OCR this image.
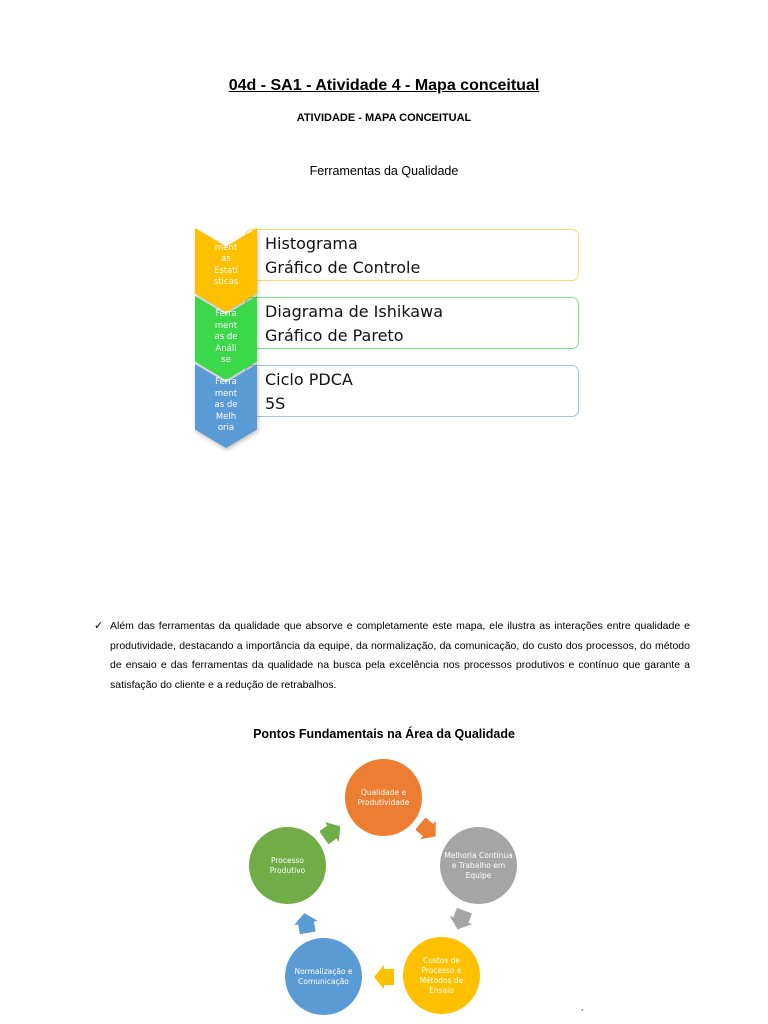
04d - SA1 - Atividade 4 - Mapa conceitual
ATIVIDADE - MAPA CONCEITUAL
Ferramentas da Qualidade
Histograma
Gráfico de Controle
Diagrama de Ishikawa
Gráfico de Pareto
Ciclo PDCA
5S
Ferra
ment
as
Estatí
sticas
Ferra
ment
as de
Análi
se
Ferra
ment
as de
Melh
oria
✓ Além das ferramentas da qualidade que absorve e completamente este mapa, ele ilustra as interações entre qualidade e produtividade, destacando a importância da equipe, da normalização, da comunicação, do custo dos processos, do método de ensaio e das ferramentas da qualidade na busca pela excelência nos processos produtivos e contínuo que garante a satisfação do cliente e a redução de retrabalhos.
Pontos Fundamentais na Área da Qualidade
Qualidade e Produtividade
Melhoria Contínua e Trabalho em Equipe
Custos de Processo e Métodos de Ensaio
Normalização e Comunicação
Processo Produtivo
,
